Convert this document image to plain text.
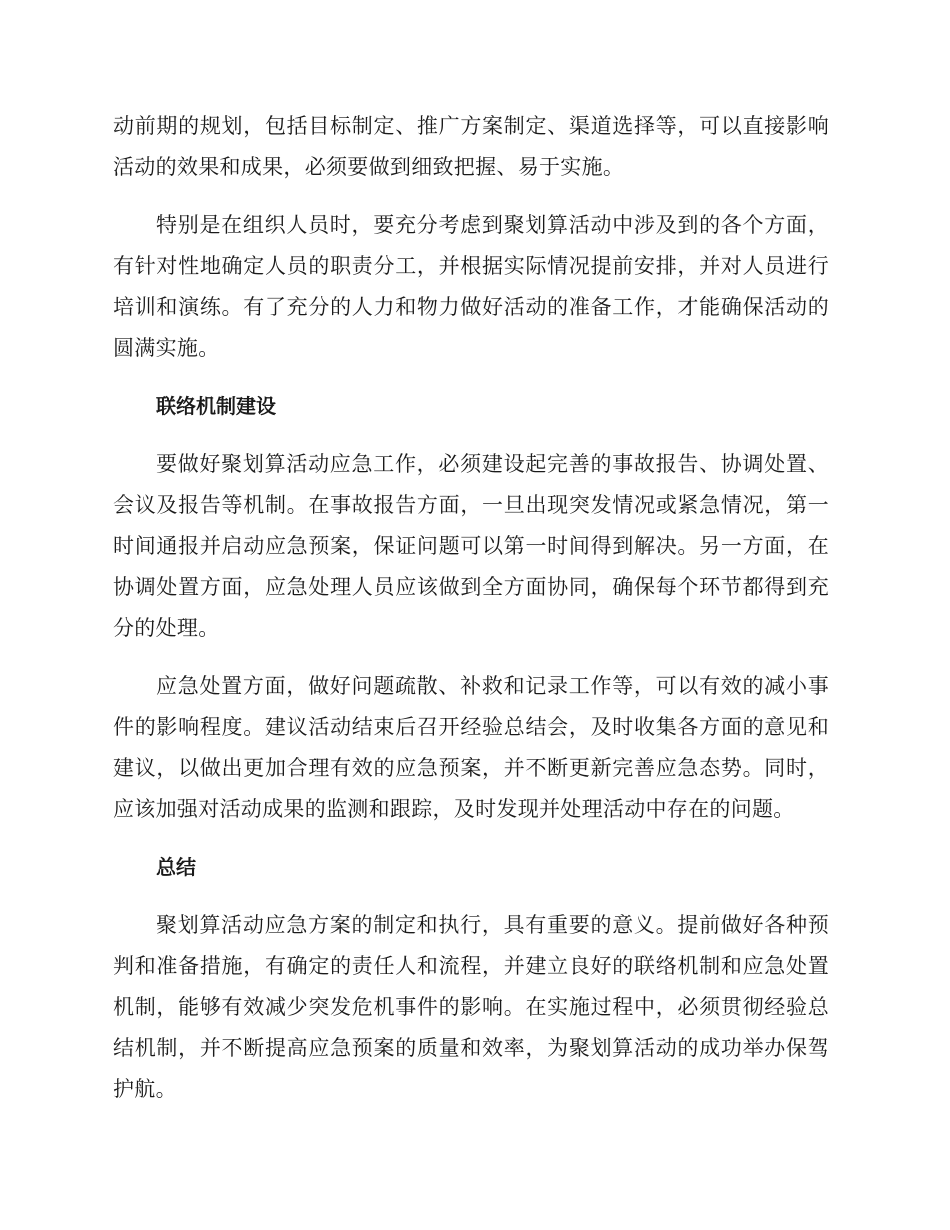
动前期的规划，包括目标制定、推广方案制定、渠道选择等，可以直接影响活动的效果和成果，必须要做到细致把握、易于实施。

特别是在组织人员时，要充分考虑到聚划算活动中涉及到的各个方面，有针对性地确定人员的职责分工，并根据实际情况提前安排，并对人员进行培训和演练。有了充分的人力和物力做好活动的准备工作，才能确保活动的圆满实施。

联络机制建设

要做好聚划算活动应急工作，必须建设起完善的事故报告、协调处置、会议及报告等机制。在事故报告方面，一旦出现突发情况或紧急情况，第一时间通报并启动应急预案，保证问题可以第一时间得到解决。另一方面，在协调处置方面，应急处理人员应该做到全方面协同，确保每个环节都得到充分的处理。

应急处置方面，做好问题疏散、补救和记录工作等，可以有效的减小事件的影响程度。建议活动结束后召开经验总结会，及时收集各方面的意见和建议，以做出更加合理有效的应急预案，并不断更新完善应急态势。同时，应该加强对活动成果的监测和跟踪，及时发现并处理活动中存在的问题。

总结

聚划算活动应急方案的制定和执行，具有重要的意义。提前做好各种预判和准备措施，有确定的责任人和流程，并建立良好的联络机制和应急处置机制，能够有效减少突发危机事件的影响。在实施过程中，必须贯彻经验总结机制，并不断提高应急预案的质量和效率，为聚划算活动的成功举办保驾护航。
